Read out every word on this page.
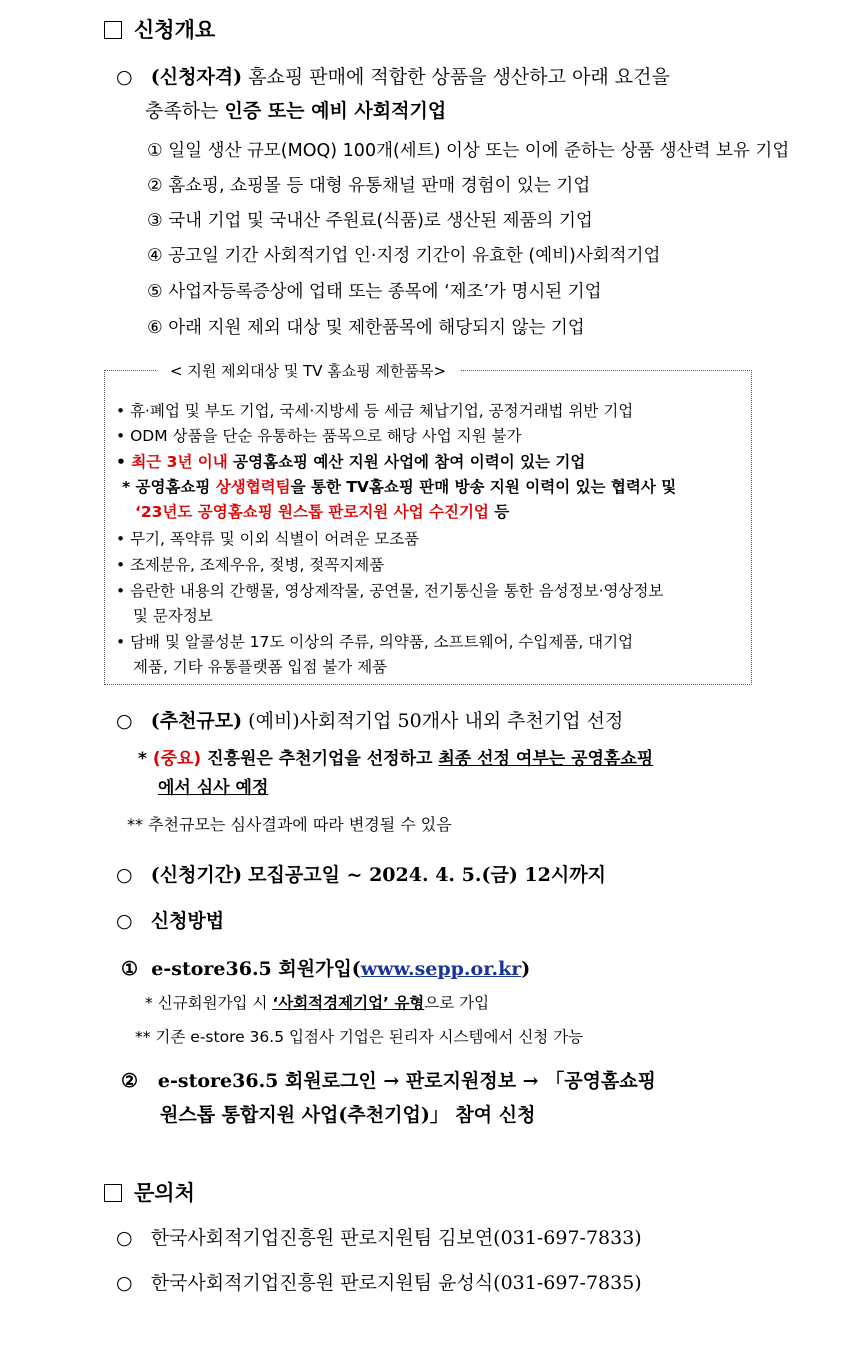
신청개요
○ (신청자격) 홈쇼핑 판매에 적합한 상품을 생산하고 아래 요건을
충족하는 인증 또는 예비 사회적기업
① 일일 생산 규모(MOQ) 100개(세트) 이상 또는 이에 준하는 상품 생산력 보유 기업
② 홈쇼핑, 쇼핑몰 등 대형 유통채널 판매 경험이 있는 기업
③ 국내 기업 및 국내산 주원료(식품)로 생산된 제품의 기업
④ 공고일 기간 사회적기업 인·지정 기간이 유효한 (예비)사회적기업
⑤ 사업자등록증상에 업태 또는 종목에 ‘제조’가 명시된 기업
⑥ 아래 지원 제외 대상 및 제한품목에 해당되지 않는 기업
< 지원 제외대상 및 TV 홈쇼핑 제한품목>
• 휴·폐업 및 부도 기업, 국세·지방세 등 세금 체납기업, 공정거래법 위반 기업
• ODM 상품을 단순 유통하는 품목으로 해당 사업 지원 불가
• 최근 3년 이내 공영홈쇼핑 예산 지원 사업에 참여 이력이 있는 기업
* 공영홈쇼핑 상생협력팀을 통한 TV홈쇼핑 판매 방송 지원 이력이 있는 협력사 및
‘23년도 공영홈쇼핑 원스톱 판로지원 사업 수진기업 등
• 무기, 폭약류 및 이외 식별이 어려운 모조품
• 조제분유, 조제우유, 젖병, 젖꼭지제품
• 음란한 내용의 간행물, 영상제작물, 공연물, 전기통신을 통한 음성정보·영상정보
및 문자정보
• 담배 및 알콜성분 17도 이상의 주류, 의약품, 소프트웨어, 수입제품, 대기업
제품, 기타 유통플랫폼 입점 불가 제품
○ (추천규모) (예비)사회적기업 50개사 내외 추천기업 선정
* (중요) 진흥원은 추천기업을 선정하고 최종 선정 여부는 공영홈쇼핑
에서 심사 예정
** 추천규모는 심사결과에 따라 변경될 수 있음
○ (신청기간) 모집공고일 ~ 2024. 4. 5.(금) 12시까지
○ 신청방법
① e-store36.5 회원가입(www.sepp.or.kr)
* 신규회원가입 시 ‘사회적경제기업’ 유형으로 가입
** 기존 e-store 36.5 입점사 기업은 된리자 시스템에서 신청 가능
② e-store36.5 회원로그인 → 판로지원정보 → 「공영홈쇼핑
원스톱 통합지원 사업(추천기업)」 참여 신청
문의처
○ 한국사회적기업진흥원 판로지원팀 김보연(031-697-7833)
○ 한국사회적기업진흥원 판로지원팀 윤성식(031-697-7835)
